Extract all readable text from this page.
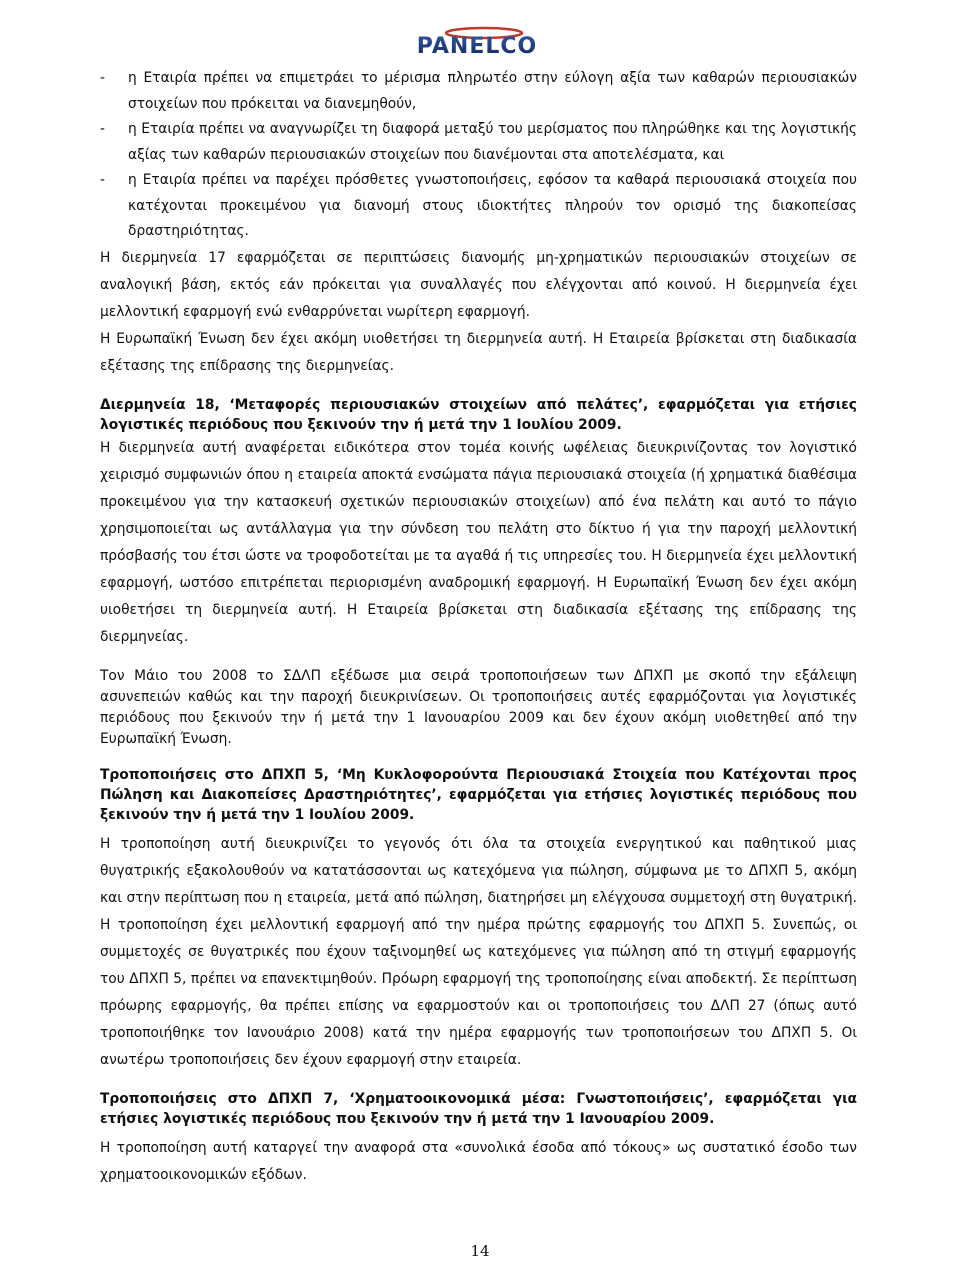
PANELCO
- η Εταιρία πρέπει να επιμετράει το μέρισμα πληρωτέο στην εύλογη αξία των καθαρών περιουσιακών στοιχείων που πρόκειται να διανεμηθούν,
- η Εταιρία πρέπει να αναγνωρίζει τη διαφορά μεταξύ του μερίσματος που πληρώθηκε και της λογιστικής αξίας των καθαρών περιουσιακών στοιχείων που διανέμονται στα αποτελέσματα, και
- η Εταιρία πρέπει να παρέχει πρόσθετες γνωστοποιήσεις, εφόσον τα καθαρά περιουσιακά στοιχεία που κατέχονται προκειμένου για διανομή στους ιδιοκτήτες πληρούν τον ορισμό της διακοπείσας δραστηριότητας.

Η διερμηνεία 17 εφαρμόζεται σε περιπτώσεις διανομής μη-χρηματικών περιουσιακών στοιχείων σε αναλογική βάση, εκτός εάν πρόκειται για συναλλαγές που ελέγχονται από κοινού. Η διερμηνεία έχει μελλοντική εφαρμογή ενώ ενθαρρύνεται νωρίτερη εφαρμογή.

Η Ευρωπαϊκή Ένωση δεν έχει ακόμη υιοθετήσει τη διερμηνεία αυτή. Η Εταιρεία βρίσκεται στη διαδικασία εξέτασης της επίδρασης της διερμηνείας.

Διερμηνεία 18, ‘Μεταφορές περιουσιακών στοιχείων από πελάτες’, εφαρμόζεται για ετήσιες λογιστικές περιόδους που ξεκινούν την ή μετά την 1 Ιουλίου 2009.

Η διερμηνεία αυτή αναφέρεται ειδικότερα στον τομέα κοινής ωφέλειας διευκρινίζοντας τον λογιστικό χειρισμό συμφωνιών όπου η εταιρεία αποκτά ενσώματα πάγια περιουσιακά στοιχεία (ή χρηματικά διαθέσιμα προκειμένου για την κατασκευή σχετικών περιουσιακών στοιχείων) από ένα πελάτη και αυτό το πάγιο χρησιμοποιείται ως αντάλλαγμα για την σύνδεση του πελάτη στο δίκτυο ή για την παροχή μελλοντική πρόσβασής του έτσι ώστε να τροφοδοτείται με τα αγαθά ή τις υπηρεσίες του. Η διερμηνεία έχει μελλοντική εφαρμογή, ωστόσο επιτρέπεται περιορισμένη αναδρομική εφαρμογή. Η Ευρωπαϊκή Ένωση δεν έχει ακόμη υιοθετήσει τη διερμηνεία αυτή. Η Εταιρεία βρίσκεται στη διαδικασία εξέτασης της επίδρασης της διερμηνείας.

Τον Μάιο του 2008 το ΣΔΛΠ εξέδωσε μια σειρά τροποποιήσεων των ΔΠΧΠ με σκοπό την εξάλειψη ασυνεπειών καθώς και την παροχή διευκρινίσεων. Οι τροποποιήσεις αυτές εφαρμόζονται για λογιστικές περιόδους που ξεκινούν την ή μετά την 1 Ιανουαρίου 2009 και δεν έχουν ακόμη υιοθετηθεί από την Ευρωπαϊκή Ένωση.

Τροποποιήσεις στο ΔΠΧΠ 5, ‘Μη Κυκλοφορούντα Περιουσιακά Στοιχεία που Κατέχονται προς Πώληση και Διακοπείσες Δραστηριότητες’, εφαρμόζεται για ετήσιες λογιστικές περιόδους που ξεκινούν την ή μετά την 1 Ιουλίου 2009.

Η τροποποίηση αυτή διευκρινίζει το γεγονός ότι όλα τα στοιχεία ενεργητικού και παθητικού μιας θυγατρικής εξακολουθούν να κατατάσσονται ως κατεχόμενα για πώληση, σύμφωνα με το ΔΠΧΠ 5, ακόμη και στην περίπτωση που η εταιρεία, μετά από πώληση, διατηρήσει μη ελέγχουσα συμμετοχή στη θυγατρική. Η τροποποίηση έχει μελλοντική εφαρμογή από την ημέρα πρώτης εφαρμογής του ΔΠΧΠ 5. Συνεπώς, οι συμμετοχές σε θυγατρικές που έχουν ταξινομηθεί ως κατεχόμενες για πώληση από τη στιγμή εφαρμογής του ΔΠΧΠ 5, πρέπει να επανεκτιμηθούν. Πρόωρη εφαρμογή της τροποποίησης είναι αποδεκτή. Σε περίπτωση πρόωρης εφαρμογής, θα πρέπει επίσης να εφαρμοστούν και οι τροποποιήσεις του ΔΛΠ 27 (όπως αυτό τροποποιήθηκε τον Ιανουάριο 2008) κατά την ημέρα εφαρμογής των τροποποιήσεων του ΔΠΧΠ 5. Οι ανωτέρω τροποποιήσεις δεν έχουν εφαρμογή στην εταιρεία.

Τροποποιήσεις στο ΔΠΧΠ 7, ‘Χρηματοοικονομικά μέσα: Γνωστοποιήσεις’, εφαρμόζεται για ετήσιες λογιστικές περιόδους που ξεκινούν την ή μετά την 1 Ιανουαρίου 2009.

Η τροποποίηση αυτή καταργεί την αναφορά στα «συνολικά έσοδα από τόκους» ως συστατικό έσοδο των χρηματοοικονομικών εξόδων.

14
